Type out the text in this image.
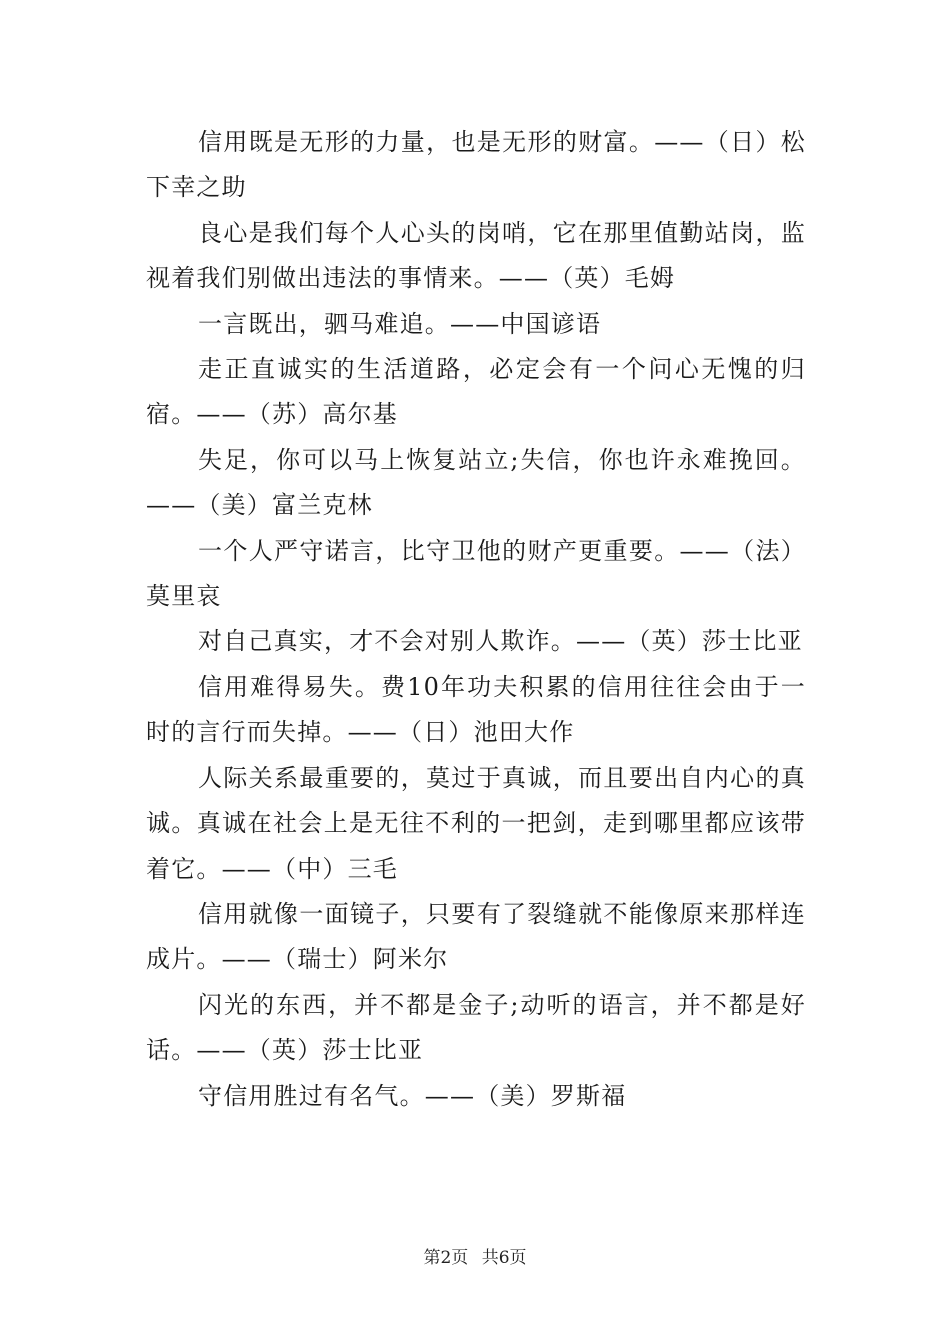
信用既是无形的力量，也是无形的财富。——（日）松下幸之助

良心是我们每个人心头的岗哨，它在那里值勤站岗，监视着我们别做出违法的事情来。——（英）毛姆

一言既出，驷马难追。——中国谚语

走正直诚实的生活道路，必定会有一个问心无愧的归宿。——（苏）高尔基

失足，你可以马上恢复站立;失信，你也许永难挽回。——（美）富兰克林

一个人严守诺言，比守卫他的财产更重要。——（法）莫里哀

对自己真实，才不会对别人欺诈。——（英）莎士比亚

信用难得易失。费10年功夫积累的信用往往会由于一时的言行而失掉。——（日）池田大作

人际关系最重要的，莫过于真诚，而且要出自内心的真诚。真诚在社会上是无往不利的一把剑，走到哪里都应该带着它。——（中）三毛

信用就像一面镜子，只要有了裂缝就不能像原来那样连成片。——（瑞士）阿米尔

闪光的东西，并不都是金子;动听的语言，并不都是好话。——（英）莎士比亚

守信用胜过有名气。——（美）罗斯福

第2页 共6页
